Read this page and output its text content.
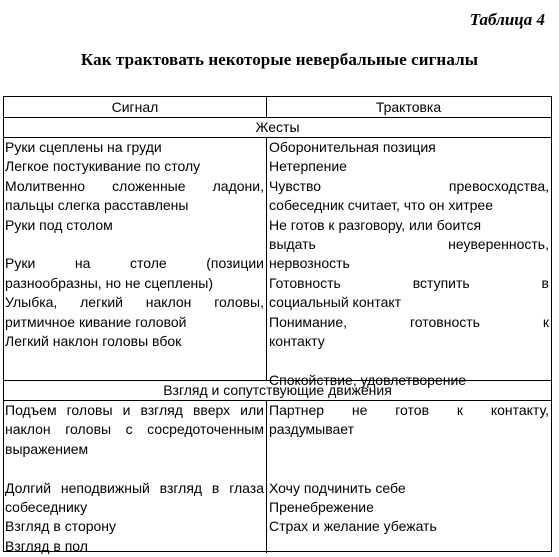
Таблица 4
Как трактовать некоторые невербальные сигналы
Сигнал	Трактовка
Жесты
Руки сцеплены на груди
Легкое постукивание по столу
Молитвенно сложенные ладони,
пальцы слегка расставлены
Руки под столом
Руки на столе (позиции
разнообразны, но не сцеплены)
Улыбка, легкий наклон головы,
ритмичное кивание головой
Легкий наклон головы вбок
Оборонительная позиция
Нетерпение
Чувство превосходства,
собеседник считает, что он хитрее
Не готов к разговору, или боится
выдать неуверенность,
нервозность
Готовность вступить в
социальный контакт
Понимание, готовность к
контакту
Спокойствие, удовлетворение
Взгляд и сопутствующие движения
Подъем головы и взгляд вверх или
наклон головы с сосредоточенным
выражением
Долгий неподвижный взгляд в глаза
собеседнику
Взгляд в сторону
Взгляд в пол
Партнер не готов к контакту,
раздумывает
Хочу подчинить себе
Пренебрежение
Страх и желание убежать
